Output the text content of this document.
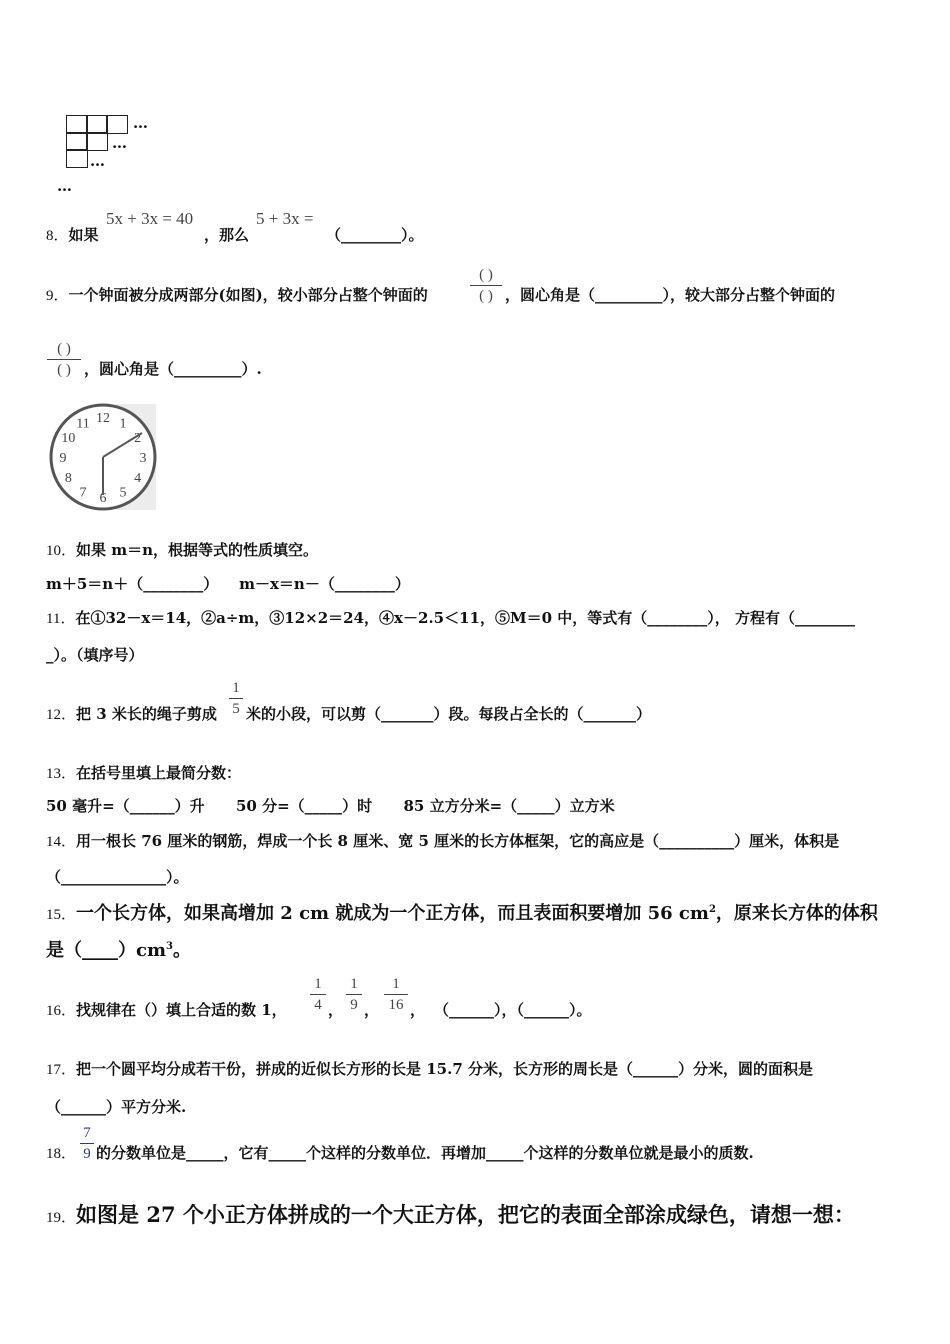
…
…
…
…
8．如果
5x + 3x = 40
，那么
5 + 3x =
（________）。
9．一个钟面被分成两部分(如图)，较小部分占整个钟面的
( )
( ) ，圆心角是（_________），较大部分占整个钟面的
( )
( ) ，圆心角是（_________）.
12 1
2
3
4
5
6
7
8
9
10
11
10．如果 m＝n，根据等式的性质填空。
m＋5＝n＋（________）    m－x＝n－（________）
11．在①32－x＝14，②a÷m，③12×2＝24，④x－2.5＜11，⑤M＝0 中，等式有（________）， 方程有（________
_）。（填序号）
12．把 3 米长的绳子剪成
1
5 米的小段，可以剪（_______）段。每段占全长的（_______）
13．在括号里填上最简分数：
50 毫升=（______）升      50 分=（_____）时      85 立方分米=（_____）立方米
14．用一根长 76 厘米的钢筋，焊成一个长 8 厘米、宽 5 厘米的长方体框架，它的高应是（__________）厘米，体积是
（______________）。
15．一个长方体，如果高增加 2 cm 就成为一个正方体，而且表面积要增加 56 $cm^2$，原来长方体的体积
是$(\_\_\_\_)cm^3$。
16．找规律在（）填上合适的数 1，
1
4 ，
1
9 ，
1
16 ， （______），（______）。
17．把一个圆平均分成若干份，拼成的近似长方形的长是 15.7 分米，长方形的周长是（______）分米，圆的面积是
（______）平方分米.
18．
7
9 的分数单位是_____，它有_____个这样的分数单位．再增加_____个这样的分数单位就是最小的质数.
19．如图是 27 个小正方体拼成的一个大正方体，把它的表面全部涂成绿色，请想一想：
